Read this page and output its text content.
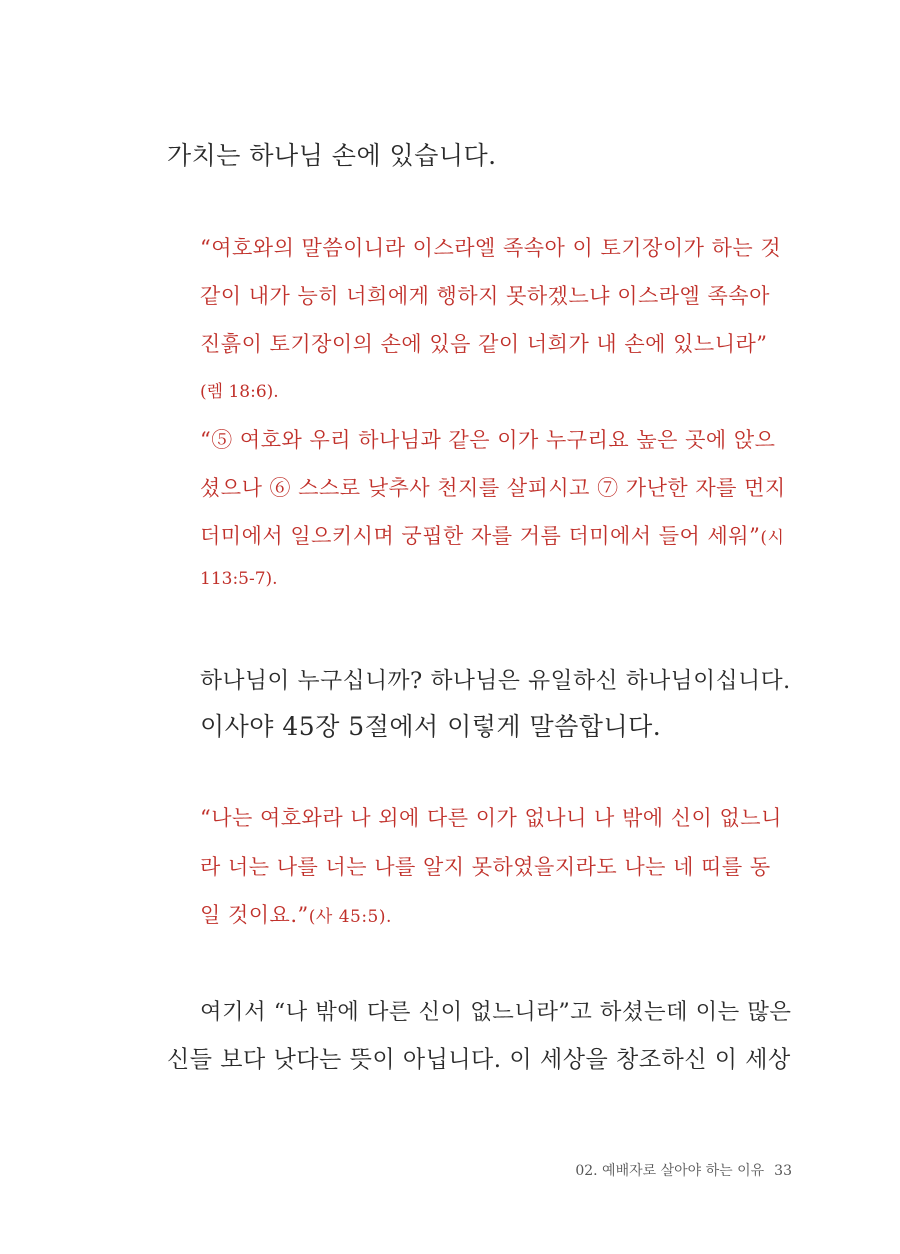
가치는 하나님 손에 있습니다.

“여호와의 말씀이니라 이스라엘 족속아 이 토기장이가 하는 것

같이 내가 능히 너희에게 행하지 못하겠느냐 이스라엘 족속아

진흙이 토기장이의 손에 있음 같이 너희가 내 손에 있느니라”

(렘 18:6).

“⑤ 여호와 우리 하나님과 같은 이가 누구리요 높은 곳에 앉으

셨으나 ⑥ 스스로 낮추사 천지를 살피시고 ⑦ 가난한 자를 먼지

더미에서 일으키시며 궁핍한 자를 거름 더미에서 들어 세워”(시

113:5-7).

하나님이 누구십니까? 하나님은 유일하신 하나님이십니다.

이사야 45장 5절에서 이렇게 말씀합니다.

“나는 여호와라 나 외에 다른 이가 없나니 나 밖에 신이 없느니

라 너는 나를 너는 나를 알지 못하였을지라도 나는 네 띠를 동

일 것이요.”(사 45:5).

여기서 “나 밖에 다른 신이 없느니라”고 하셨는데 이는 많은

신들 보다 낫다는 뜻이 아닙니다. 이 세상을 창조하신 이 세상

02. 예배자로 살아야 하는 이유 33
